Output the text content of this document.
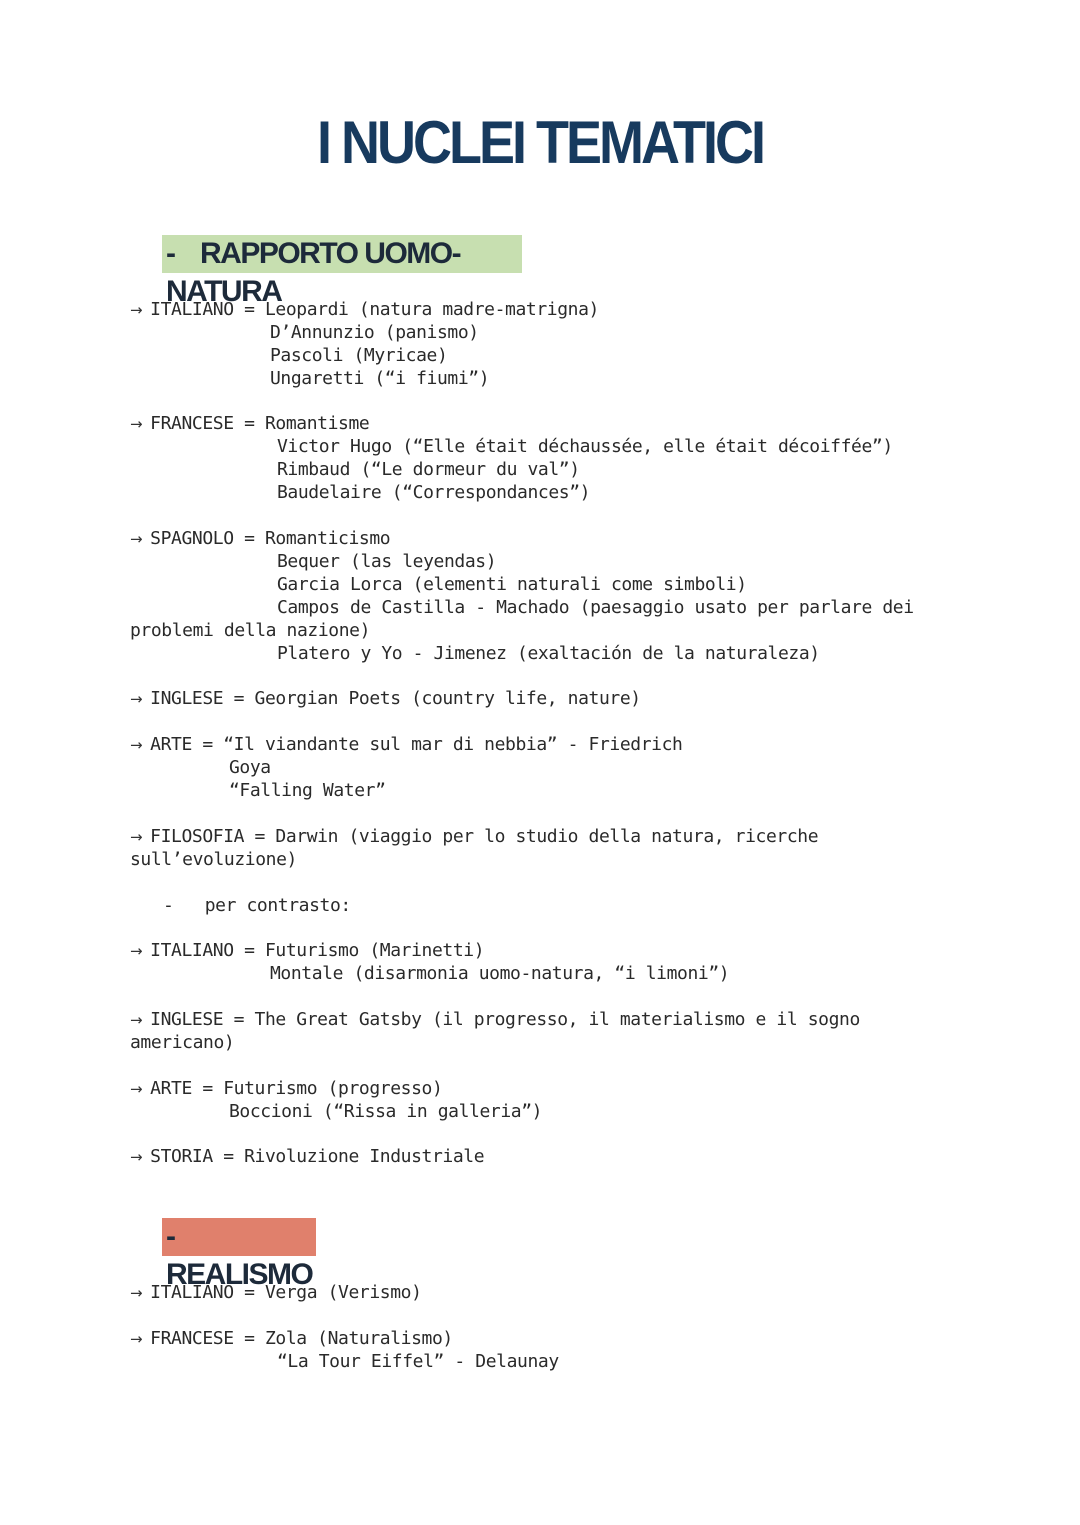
I NUCLEI TEMATICI
- RAPPORTO UOMO-NATURA
→ ITALIANO = Leopardi (natura madre-matrigna)
D’Annunzio (panismo)
Pascoli (Myricae)
Ungaretti (“i fiumi”)
→ FRANCESE = Romantisme
Victor Hugo (“Elle était déchaussée, elle était décoiffée”)
Rimbaud (“Le dormeur du val”)
Baudelaire (“Correspondances”)
→ SPAGNOLO = Romanticismo
Bequer (las leyendas)
Garcia Lorca (elementi naturali come simboli)
Campos de Castilla - Machado (paesaggio usato per parlare dei
problemi della nazione)
Platero y Yo - Jimenez (exaltación de la naturaleza)
→ INGLESE = Georgian Poets (country life, nature)
→ ARTE = “Il viandante sul mar di nebbia” - Friedrich
Goya
“Falling Water”
→ FILOSOFIA = Darwin (viaggio per lo studio della natura, ricerche
sull’evoluzione)
-   per contrasto:
→ ITALIANO = Futurismo (Marinetti)
Montale (disarmonia uomo-natura, “i limoni”)
→ INGLESE = The Great Gatsby (il progresso, il materialismo e il sogno
americano)
→ ARTE = Futurismo (progresso)
Boccioni (“Rissa in galleria”)
→ STORIA = Rivoluzione Industriale
-REALISMO
→ ITALIANO = Verga (Verismo)
→ FRANCESE = Zola (Naturalismo)
“La Tour Eiffel” - Delaunay
